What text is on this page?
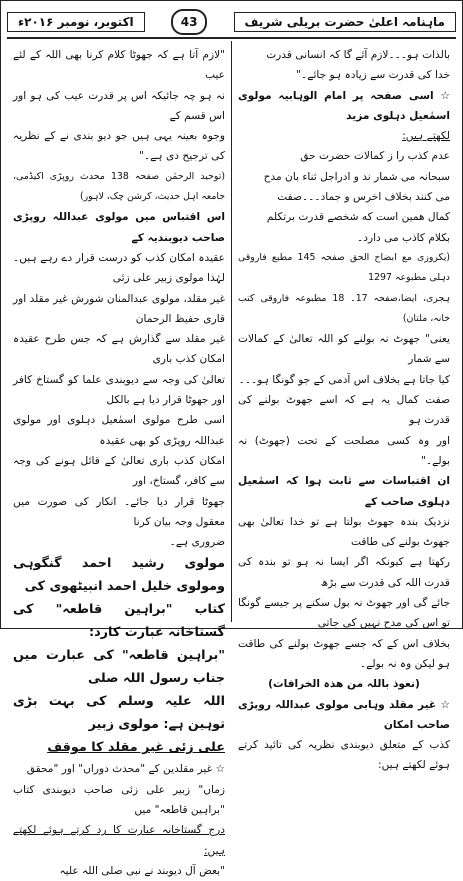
اکتوبر، نومبر ۲۰۱۶ء	43	ماہنامہ اعلیٰ حضرت بریلی شریف

بالذات ہو۔۔۔لازم آئے گا کہ انسانی قدرت

خدا کی قدرت سے زیادہ ہو جائے۔"

☆ اسی صفحہ پر امام الوہابیہ مولوی اسمٰعیل دہلوی مزید

لکھتے ہیں:

عدم کذب را ز کمالات حضرت حق

سبحانہ می شمار ند و ادراجل ثناء بان مدح

می کنند بخلاف اخرس و جماد۔۔۔صفت

کمال همین است که شخصے قدرت برتکلم

بکلام کاذب می دارد۔

(یکروزی مع ابضاح الحق صفحہ 145 مطبع فاروقی دہلی مطبوعہ 1297

ہجری، ایضا،صفحہ 17۔ 18 مطبوعہ فاروقی کتب خانہ، ملتان)

یعنی" جھوٹ نہ بولنے کو اللہ تعالیٰ کے کمالات سے شمار

کیا جاتا ہے بخلاف اس آدمی کے جو گونگا ہو۔۔۔

صفت کمال یہ ہے کہ اسے جھوٹ بولنے کی قدرت ہو

اور وہ کسی مصلحت کے تحت (جھوٹ) نہ بولے۔"

ان اقتباسات سے ثابت ہوا کہ اسمٰعیل دہلوی صاحب کے

نزدیک بندہ جھوٹ بولتا ہے تو خدا تعالیٰ بھی جھوٹ بولنے کی طاقت

رکھتا ہے کیونکہ اگر ایسا نہ ہو تو بندہ کی قدرت اللہ کی قدرت سے بڑھ

جائے گی اور جھوٹ نہ بول سکنے پر جیسے گونگا تو اس کی مدح نہیں کی جاتی

بخلاف اس کے کہ جسے جھوٹ بولنے کی طاقت ہو لیکن وہ نہ بولے۔

(نعوذ باللہ من ھذہ الخرافات)

☆ غیر مقلد وہابی مولوی عبداللہ روپڑی صاحب امکان

کذب کے متعلق دیوبندی نظریہ کی تائید کرتے ہوئے لکھتے ہیں:

"لازم آتا ہے کہ جھوٹا کلام کرنا بھی اللہ کے لئے عیب

نہ ہو چہ جائیکہ اس پر قدرت عیب کی ہو اور اس قسم کے

وجوہ بعینہ یہی ہیں جو دیو بندی نے کے نظریہ کی ترجیح دی ہے۔"

(توحید الرحمٰن صفحہ 138 محدث روپڑی اکیڈمی، جامعہ اہل حدیث، کرشن چک، لاہور)

اس اقتباس میں مولوی عبداللہ روپڑی صاحب دیوبندیہ کے

عقیدہ امکان کذب کو درست قرار دے رہے ہیں۔ لہٰذا مولوی زبیر علی زئی

غیر مقلد، مولوی عبدالمنان شورش غیر مقلد اور قاری حفیظ الرحمان

غیر مقلد سے گذارش ہے کہ جس طرح عقیدہ امکان کذب باری

تعالیٰ کی وجہ سے دیوبندی علما کو گستاخ کافر اور جھوٹا قرار دیا ہے بالکل

اسی طرح مولوی اسمٰعیل دہلوی اور مولوی عبداللہ روپڑی کو بھی عقیدہ

امکان کذب باری تعالیٰ کے قائل ہونے کی وجہ سے کافر، گستاخ، اور

جھوٹا قرار دیا جائے۔ انکار کی صورت میں معقول وجہ بیان کرنا

ضروری ہے۔

مولوی رشید احمد گنگوہی ومولوی خلیل احمد انبیٹھوی کی

کتاب "براہین قاطعہ" کی گستاخانہ عبارت کارد:

"براہین قاطعہ" کی عبارت میں جناب رسول اللہ صلی

اللہ علیہ وسلم کی بہت بڑی توہین ہے: مولوی زبیر

علی زئی غیر مقلد کا موقف

☆ غیر مقلدین کے "محدث دوراں" اور "محقق

زماں" زبیر علی زئی صاحب دیوبندی کتاب "براہین قاطعہ" میں

درج گستاخانہ عبارت کا رد کرتے ہوئے لکھتے ہیں:

"بعض آل دیوبند نے نبی صلی اللہ علیہ
